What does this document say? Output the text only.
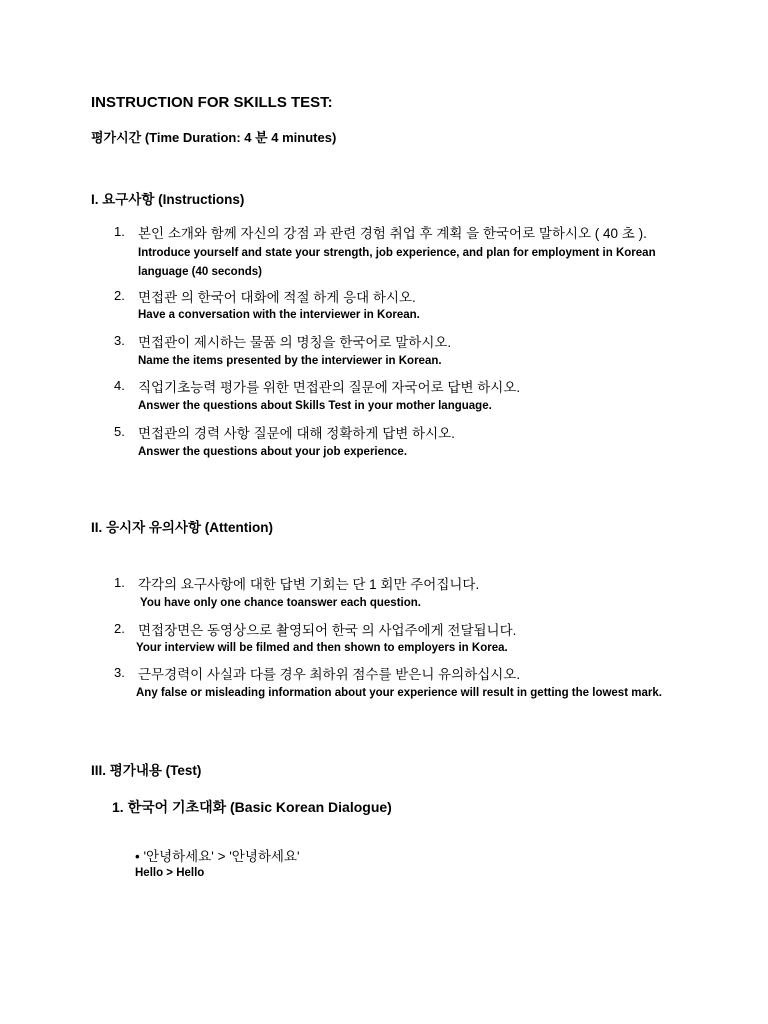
INSTRUCTION FOR SKILLS TEST:
평가시간 (Time Duration: 4 분 4 minutes)
I. 요구사항 (Instructions)
1. 본인 소개와 함께 자신의 강점 과 관련 경험 취업 후 계획 을 한국어로 말하시오 ( 40 초 ).
Introduce yourself and state your strength, job experience, and plan for employment in Korean language (40 seconds)
2. 면접관 의 한국어 대화에 적절 하게 응대 하시오.
Have a conversation with the interviewer in Korean.
3. 면접관이 제시하는 물품 의 명칭을 한국어로 말하시오.
Name the items presented by the interviewer in Korean.
4. 직업기초능력 평가를 위한 면접관의 질문에 자국어로 답변 하시오.
Answer the questions about Skills Test in your mother language.
5. 면접관의 경력 사항 질문에 대해 정확하게 답변 하시오.
Answer the questions about your job experience.
II. 응시자 유의사항 (Attention)
1. 각각의 요구사항에 대한 답변 기회는 단 1 회만 주어집니다.
You have only one chance toanswer each question.
2. 면접장면은 동영상으로 촬영되어 한국 의 사업주에게 전달됩니다.
Your interview will be filmed and then shown to employers in Korea.
3. 근무경력이 사실과 다를 경우 최하위 점수를 받은니 유의하십시오.
Any false or misleading information about your experience will result in getting the lowest mark.
III. 평가내용 (Test)
1. 한국어 기초대화 (Basic Korean Dialogue)
• '안녕하세요' > '안녕하세요'
Hello > Hello
